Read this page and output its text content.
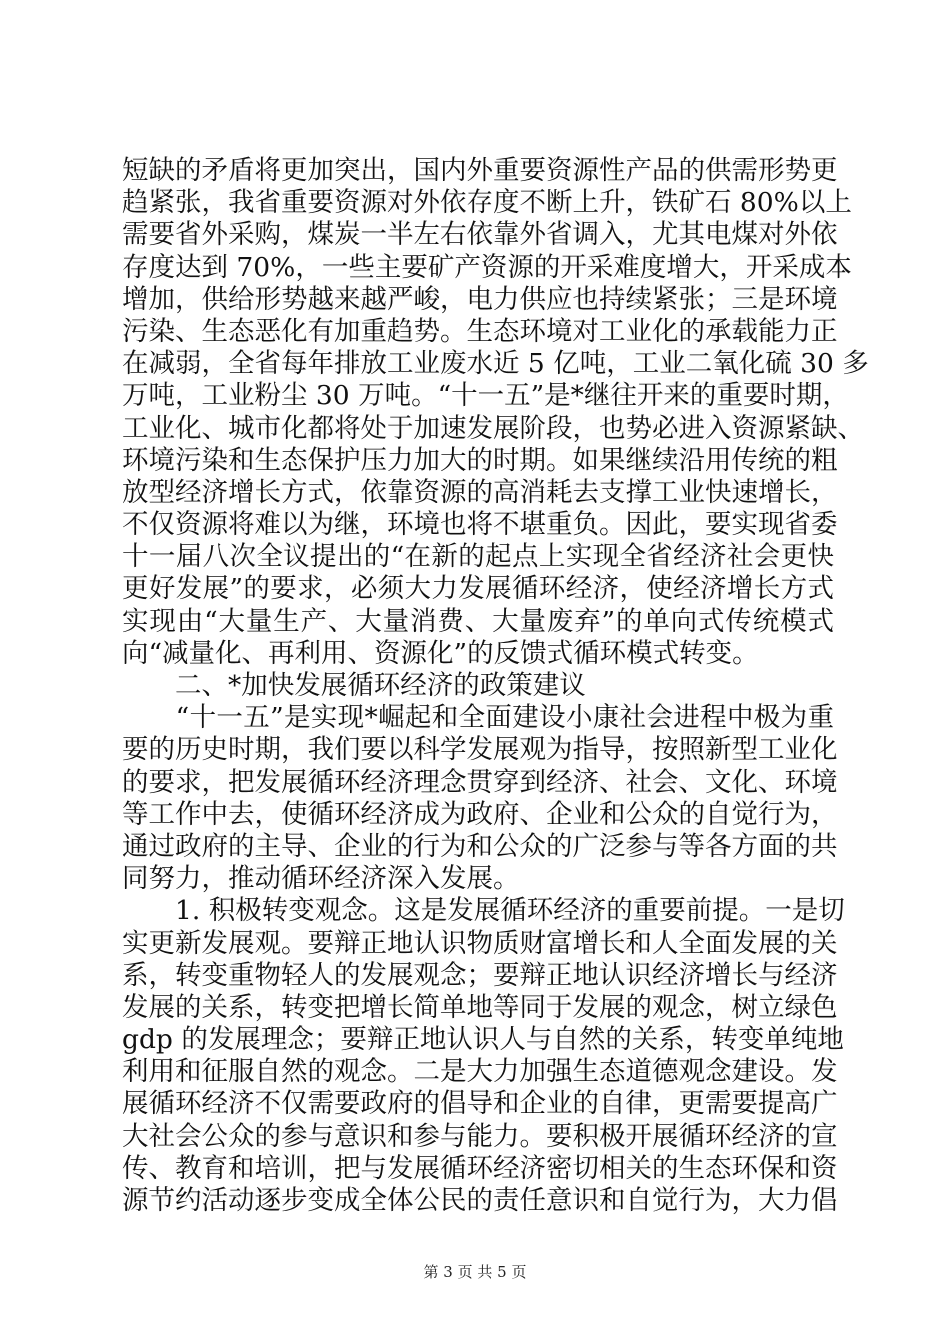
短缺的矛盾将更加突出，国内外重要资源性产品的供需形势更
趋紧张，我省重要资源对外依存度不断上升，铁矿石 80%以上
需要省外采购，煤炭一半左右依靠外省调入，尤其电煤对外依
存度达到 70%，一些主要矿产资源的开采难度增大，开采成本
增加，供给形势越来越严峻，电力供应也持续紧张；三是环境
污染、生态恶化有加重趋势。生态环境对工业化的承载能力正
在减弱，全省每年排放工业废水近 5 亿吨，工业二氧化硫 30 多
万吨，工业粉尘 30 万吨。“十一五”是*继往开来的重要时期，
工业化、城市化都将处于加速发展阶段，也势必进入资源紧缺、
环境污染和生态保护压力加大的时期。如果继续沿用传统的粗
放型经济增长方式，依靠资源的高消耗去支撑工业快速增长，
不仅资源将难以为继，环境也将不堪重负。因此，要实现省委
十一届八次全议提出的“在新的起点上实现全省经济社会更快
更好发展”的要求，必须大力发展循环经济，使经济增长方式
实现由“大量生产、大量消费、大量废弃”的单向式传统模式
向“减量化、再利用、资源化”的反馈式循环模式转变。
　　二、*加快发展循环经济的政策建议
　　“十一五”是实现*崛起和全面建设小康社会进程中极为重
要的历史时期，我们要以科学发展观为指导，按照新型工业化
的要求，把发展循环经济理念贯穿到经济、社会、文化、环境
等工作中去，使循环经济成为政府、企业和公众的自觉行为，
通过政府的主导、企业的行为和公众的广泛参与等各方面的共
同努力，推动循环经济深入发展。
　　1. 积极转变观念。这是发展循环经济的重要前提。一是切
实更新发展观。要辩正地认识物质财富增长和人全面发展的关
系，转变重物轻人的发展观念；要辩正地认识经济增长与经济
发展的关系，转变把增长简单地等同于发展的观念，树立绿色
gdp 的发展理念；要辩正地认识人与自然的关系，转变单纯地
利用和征服自然的观念。二是大力加强生态道德观念建设。发
展循环经济不仅需要政府的倡导和企业的自律，更需要提高广
大社会公众的参与意识和参与能力。要积极开展循环经济的宣
传、教育和培训，把与发展循环经济密切相关的生态环保和资
源节约活动逐步变成全体公民的责任意识和自觉行为，大力倡
第 3 页 共 5 页
